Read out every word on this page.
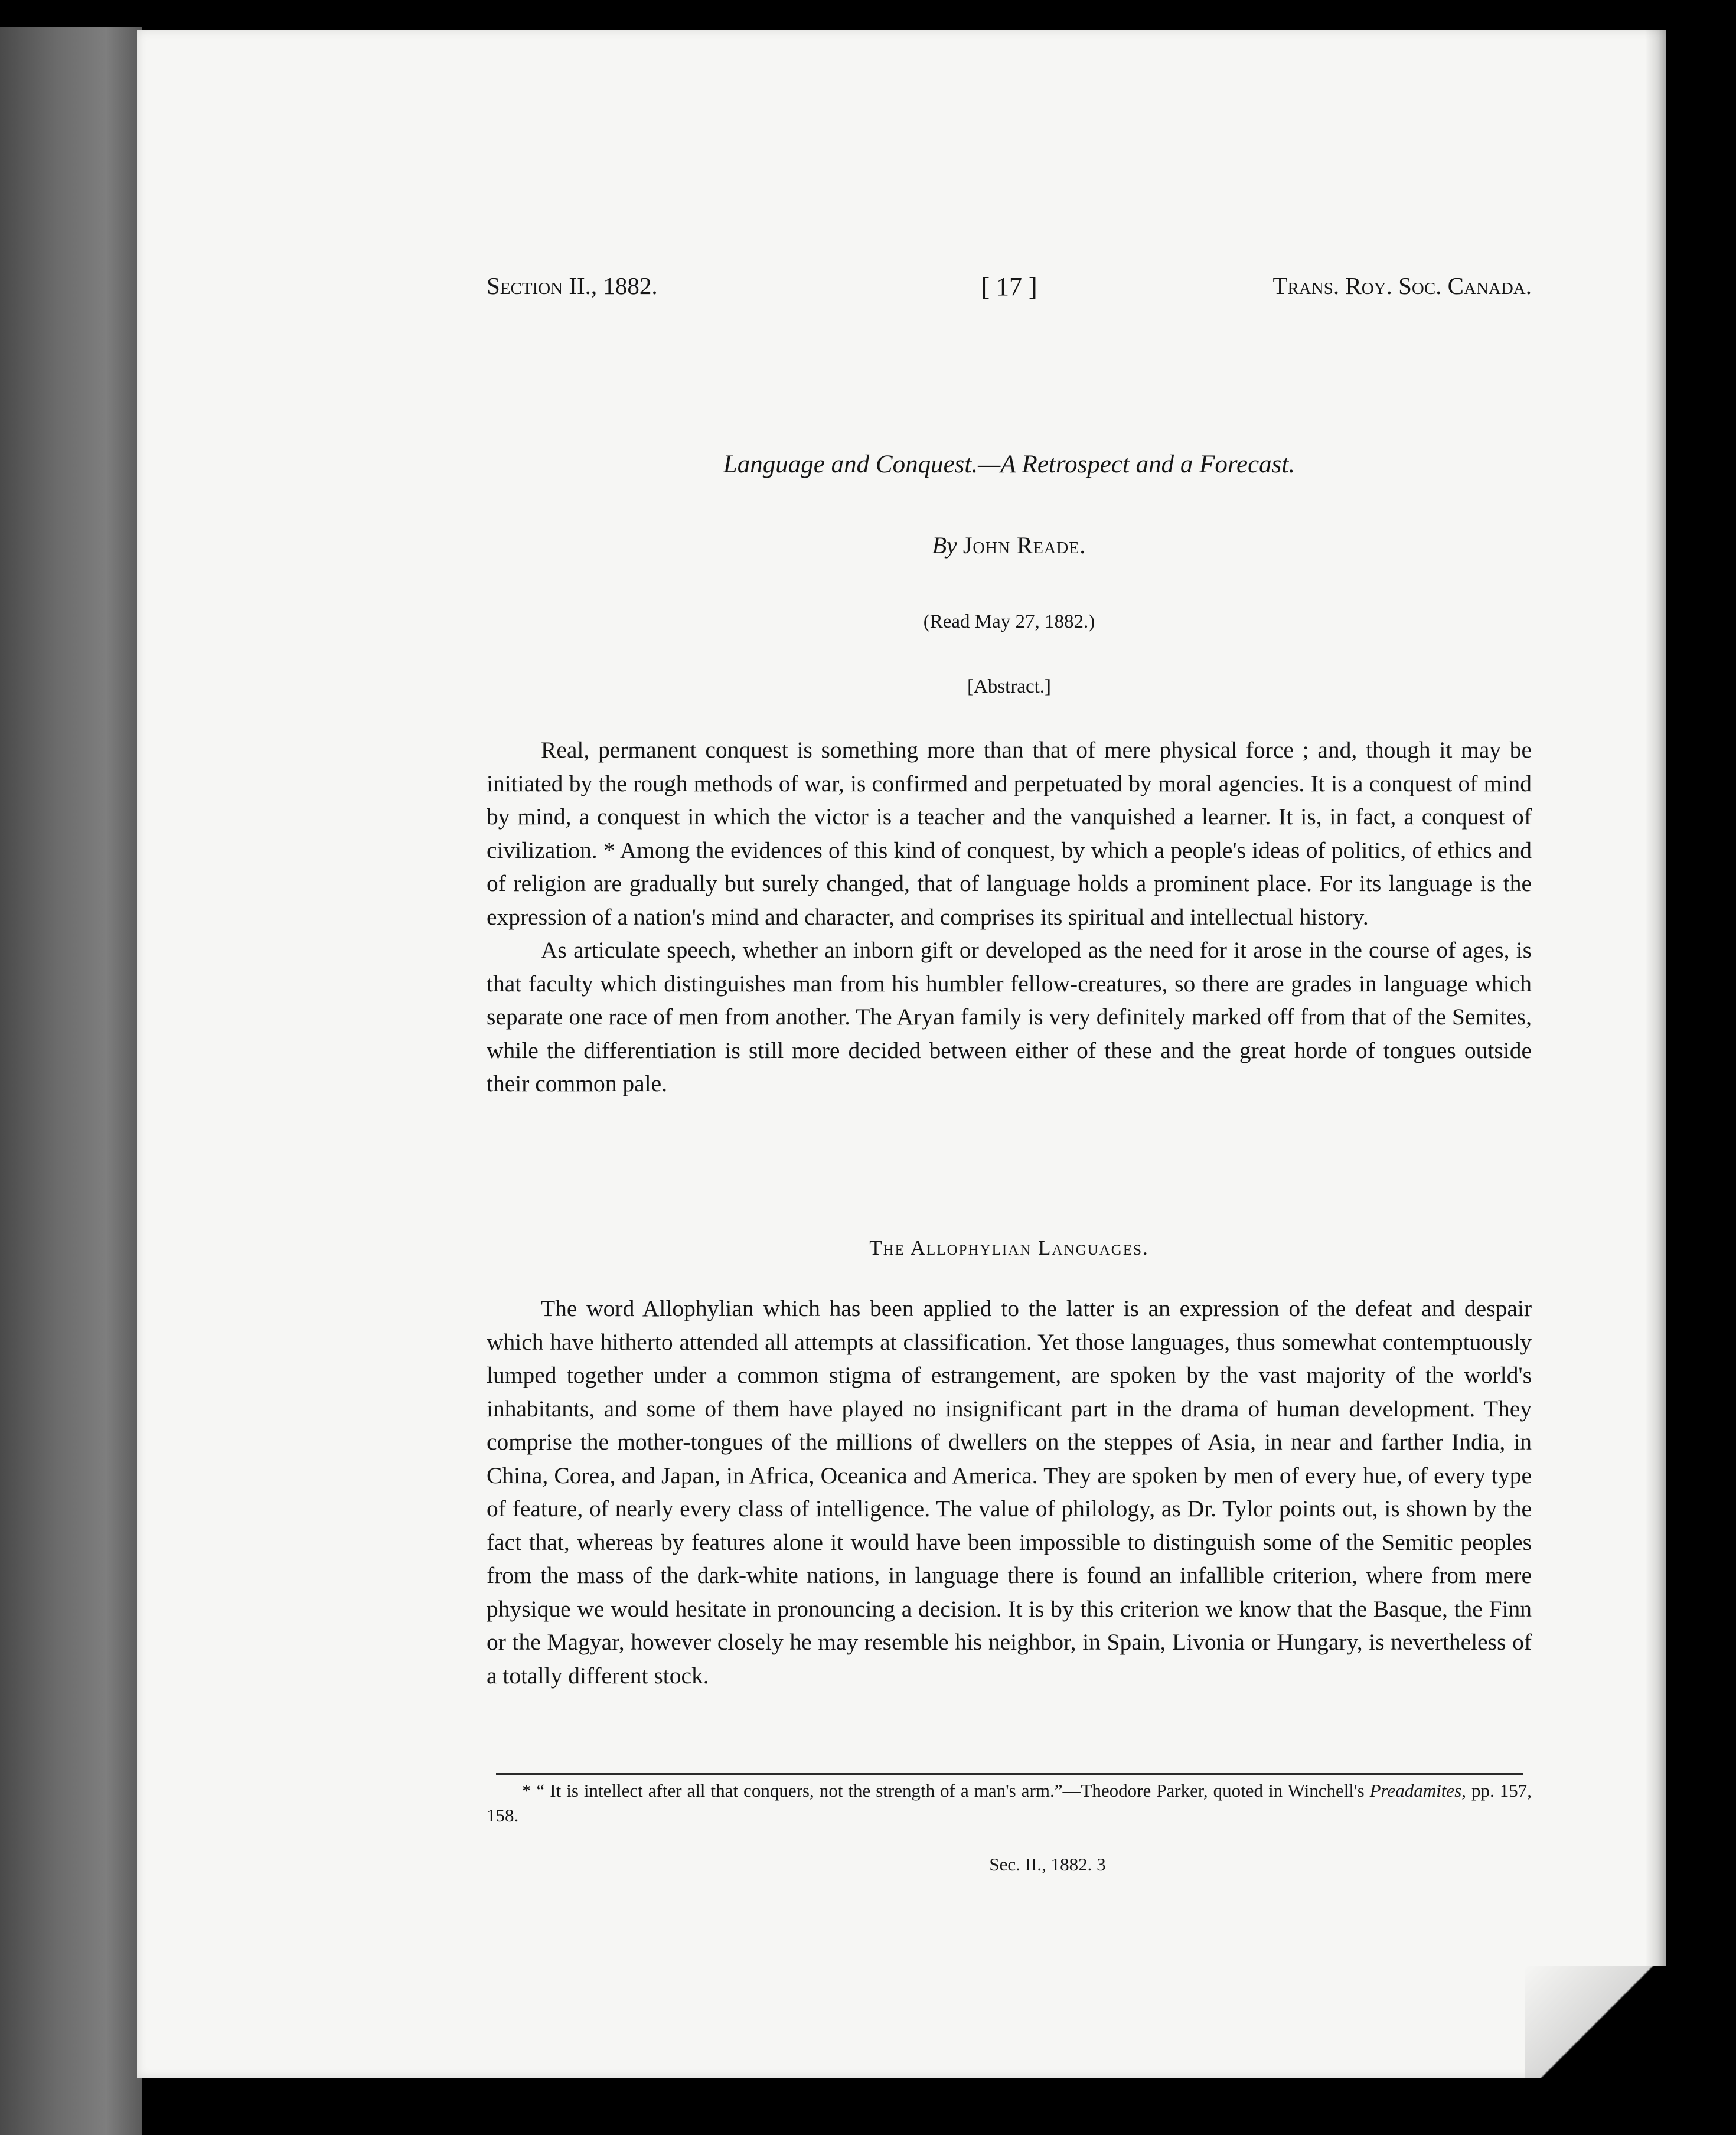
Section II., 1882.	[ 17 ]	Trans. Roy. Soc. Canada.
Language and Conquest.—A Retrospect and a Forecast.
By John Reade.
(Read May 27, 1882.)
[Abstract.]

Real, permanent conquest is something more than that of mere physical force ; and, though it may be initiated by the rough methods of war, is confirmed and perpetuated by moral agencies. It is a conquest of mind by mind, a conquest in which the victor is a teacher and the vanquished a learner. It is, in fact, a conquest of civilization. * Among the evidences of this kind of conquest, by which a people's ideas of politics, of ethics and of religion are gradually but surely changed, that of language holds a prominent place. For its language is the expression of a nation's mind and character, and comprises its spiritual and intellectual history.

As articulate speech, whether an inborn gift or developed as the need for it arose in the course of ages, is that faculty which distinguishes man from his humbler fellow-creatures, so there are grades in language which separate one race of men from another. The Aryan family is very definitely marked off from that of the Semites, while the differentiation is still more decided between either of these and the great horde of tongues outside their common pale.

The Allophylian Languages.

The word Allophylian which has been applied to the latter is an expression of the defeat and despair which have hitherto attended all attempts at classification. Yet those languages, thus somewhat contemptuously lumped together under a common stigma of estrangement, are spoken by the vast majority of the world's inhabitants, and some of them have played no insignificant part in the drama of human development. They comprise the mother-tongues of the millions of dwellers on the steppes of Asia, in near and farther India, in China, Corea, and Japan, in Africa, Oceanica and America. They are spoken by men of every hue, of every type of feature, of nearly every class of intelligence. The value of philology, as Dr. Tylor points out, is shown by the fact that, whereas by features alone it would have been impossible to distinguish some of the Semitic peoples from the mass of the dark-white nations, in language there is found an infallible criterion, where from mere physique we would hesitate in pronouncing a decision. It is by this criterion we know that the Basque, the Finn or the Magyar, however closely he may resemble his neighbor, in Spain, Livonia or Hungary, is nevertheless of a totally different stock.

* “ It is intellect after all that conquers, not the strength of a man's arm.”—Theodore Parker, quoted in Winchell's Preadamites, pp. 157, 158.

Sec. II., 1882. 3
